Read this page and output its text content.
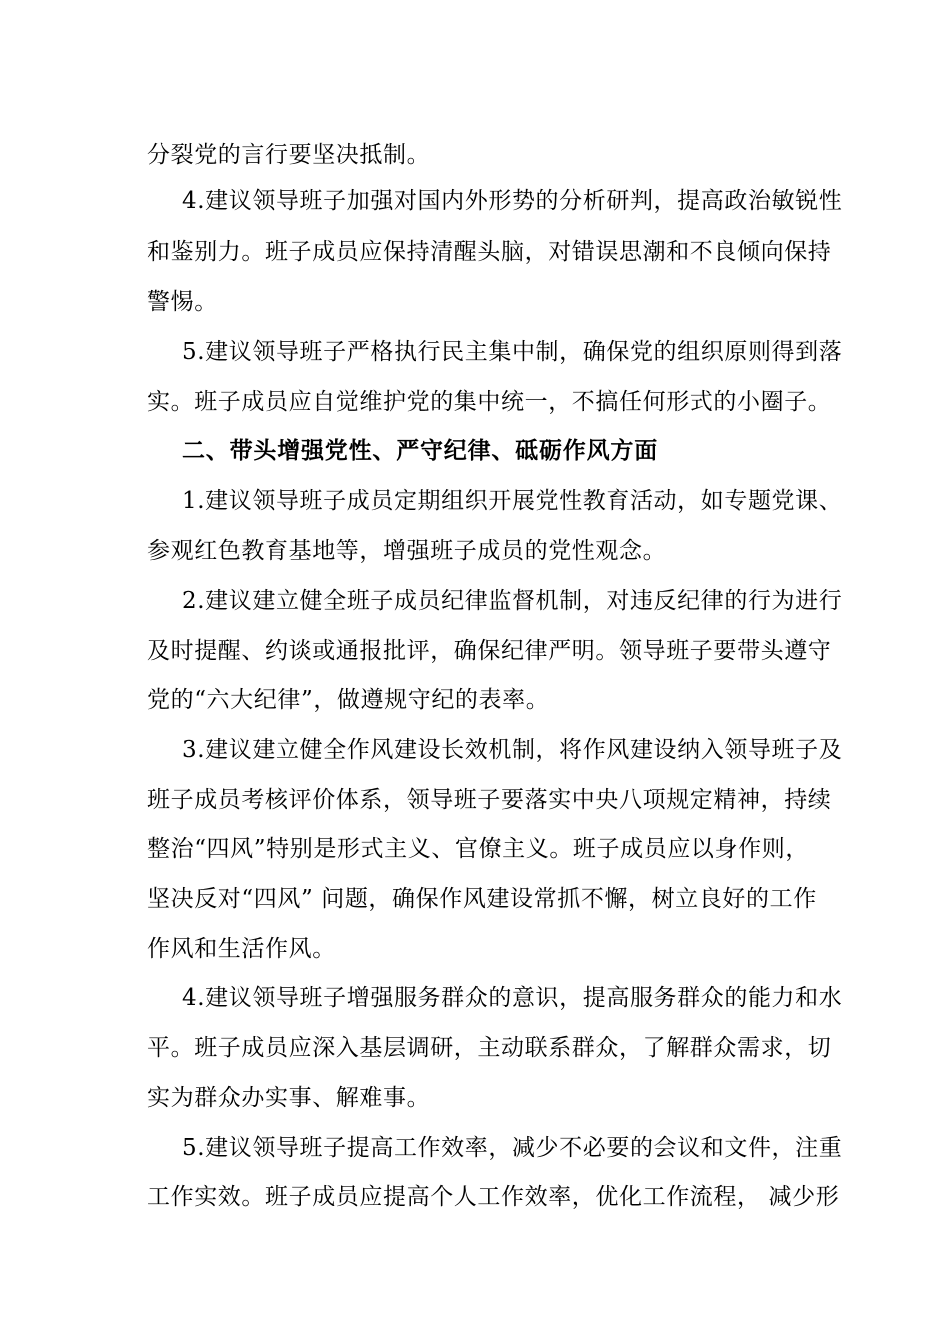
分裂党的言行要坚决抵制。
4.建议领导班子加强对国内外形势的分析研判，提高政治敏锐性
和鉴别力。班子成员应保持清醒头脑，对错误思潮和不良倾向保持
警惕。
5.建议领导班子严格执行民主集中制，确保党的组织原则得到落
实。班子成员应自觉维护党的集中统一，不搞任何形式的小圈子。
二、带头增强党性、严守纪律、砥砺作风方面
1.建议领导班子成员定期组织开展党性教育活动，如专题党课、
参观红色教育基地等，增强班子成员的党性观念。
2.建议建立健全班子成员纪律监督机制，对违反纪律的行为进行
及时提醒、约谈或通报批评，确保纪律严明。领导班子要带头遵守
党的“六大纪律”，做遵规守纪的表率。
3.建议建立健全作风建设长效机制，将作风建设纳入领导班子及
班子成员考核评价体系，领导班子要落实中央八项规定精神，持续
整治“四风”特别是形式主义、官僚主义。班子成员应以身作则，
坚决反对“四风” 问题，确保作风建设常抓不懈，树立良好的工作
作风和生活作风。
4.建议领导班子增强服务群众的意识，提高服务群众的能力和水
平。班子成员应深入基层调研，主动联系群众，了解群众需求，切
实为群众办实事、解难事。
5.建议领导班子提高工作效率，减少不必要的会议和文件，注重
工作实效。班子成员应提高个人工作效率，优化工作流程， 减少形
